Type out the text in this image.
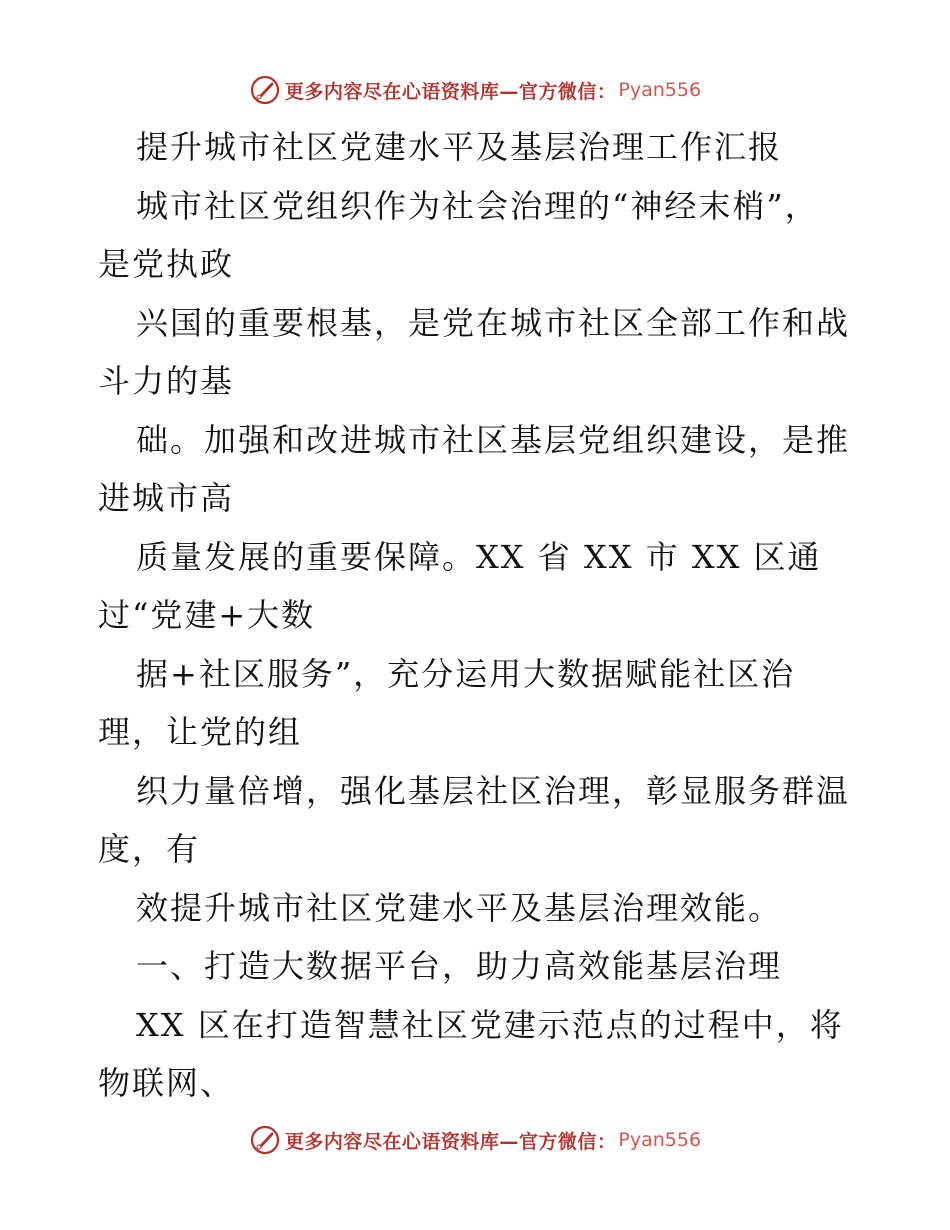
更多内容尽在心语资料库—官方微信： Pyan556
提升城市社区党建水平及基层治理工作汇报
城市社区党组织作为社会治理的“神经末梢”，
是党执政
兴国的重要根基，是党在城市社区全部工作和战
斗力的基
础。加强和改进城市社区基层党组织建设，是推
进城市高
质量发展的重要保障。XX 省 XX 市 XX 区通
过“党建+大数
据+社区服务”，充分运用大数据赋能社区治
理，让党的组
织力量倍增，强化基层社区治理，彰显服务群温
度，有
效提升城市社区党建水平及基层治理效能。
一、打造大数据平台，助力高效能基层治理
XX 区在打造智慧社区党建示范点的过程中，将
物联网、
更多内容尽在心语资料库—官方微信： Pyan556
